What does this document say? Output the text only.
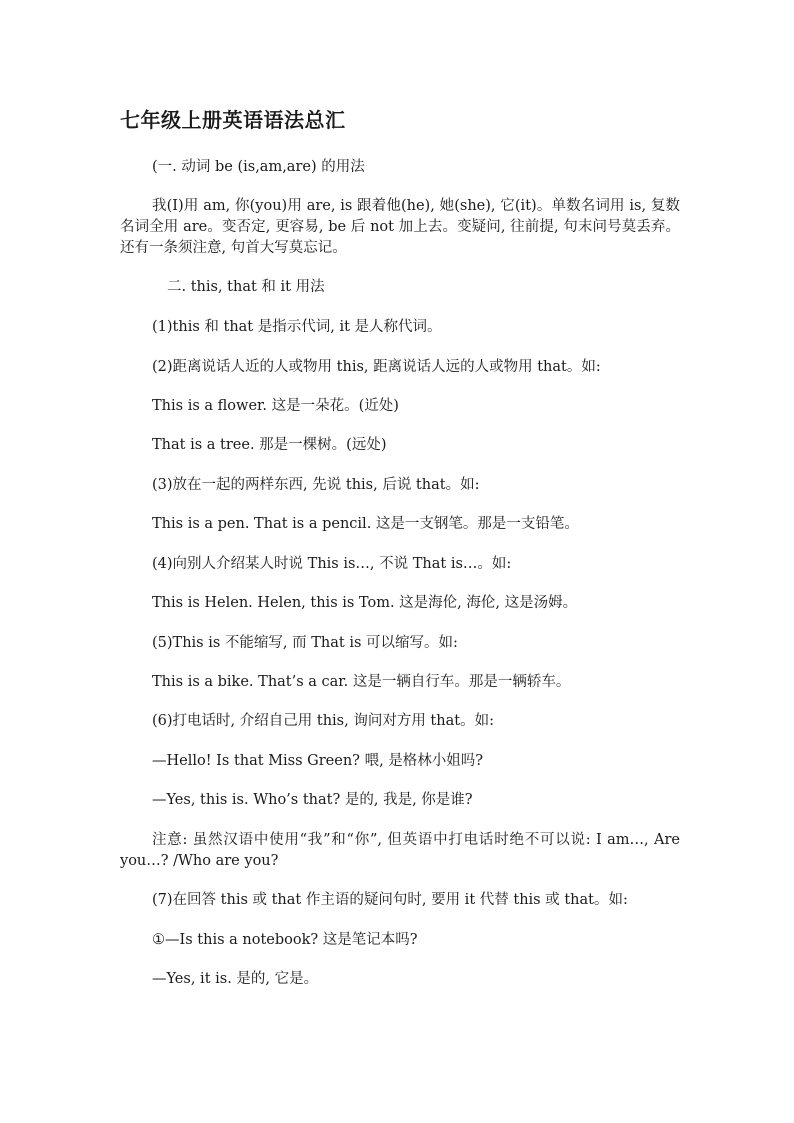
七年级上册英语语法总汇
(一. 动词 be (is,am,are) 的用法
我(I)用 am, 你(you)用 are, is 跟着他(he), 她(she), 它(it)。单数名词用 is, 复数名词全用 are。变否定, 更容易, be 后 not 加上去。变疑问, 往前提, 句末问号莫丢弃。还有一条须注意, 句首大写莫忘记。
二. this, that 和 it 用法
(1)this 和 that 是指示代词, it 是人称代词。
(2)距离说话人近的人或物用 this, 距离说话人远的人或物用 that。如:
This is a flower. 这是一朵花。(近处)
That is a tree. 那是一棵树。(远处)
(3)放在一起的两样东西, 先说 this, 后说 that。如:
This is a pen. That is a pencil. 这是一支钢笔。那是一支铅笔。
(4)向别人介绍某人时说 This is…, 不说 That is…。如:
This is Helen. Helen, this is Tom. 这是海伦, 海伦, 这是汤姆。
(5)This is 不能缩写, 而 That is 可以缩写。如:
This is a bike. That’s a car. 这是一辆自行车。那是一辆轿车。
(6)打电话时, 介绍自己用 this, 询问对方用 that。如:
—Hello! Is that Miss Green? 喂, 是格林小姐吗?
—Yes, this is. Who’s that? 是的, 我是, 你是谁?
注意: 虽然汉语中使用“我”和“你”, 但英语中打电话时绝不可以说: I am…, Are you…? /Who are you?
(7)在回答 this 或 that 作主语的疑问句时, 要用 it 代替 this 或 that。如:
①—Is this a notebook? 这是笔记本吗?
—Yes, it is. 是的, 它是。
